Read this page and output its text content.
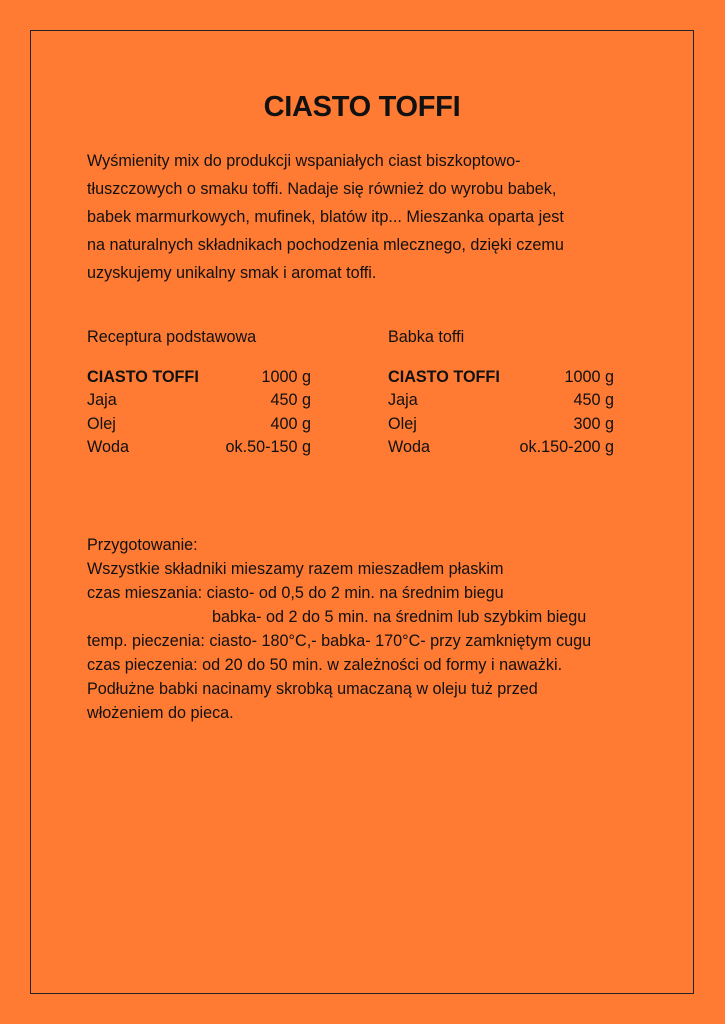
CIASTO TOFFI
Wyśmienity mix do produkcji wspaniałych ciast biszkoptowo-
tłuszczowych o smaku toffi. Nadaje się również do wyrobu babek,
babek marmurkowych, mufinek, blatów itp... Mieszanka oparta jest
na naturalnych składnikach pochodzenia mlecznego, dzięki czemu
uzyskujemy unikalny smak i aromat toffi.
Receptura podstawowa
CIASTO TOFFI	1000 g
Jaja	450 g
Olej	400 g
Woda	ok.50-150 g
Babka toffi
CIASTO TOFFI	1000 g
Jaja	450 g
Olej	300 g
Woda	ok.150-200 g
Przygotowanie:
Wszystkie składniki mieszamy razem mieszadłem płaskim
czas mieszania: ciasto- od 0,5 do 2 min. na średnim biegu
babka- od 2 do 5 min. na średnim lub szybkim biegu
temp. pieczenia: ciasto- 180°C,- babka- 170°C- przy zamkniętym cugu
czas pieczenia: od 20 do 50 min. w zależności od formy i naważki.
Podłużne babki nacinamy skrobką umaczaną w oleju tuż przed
włożeniem do pieca.
